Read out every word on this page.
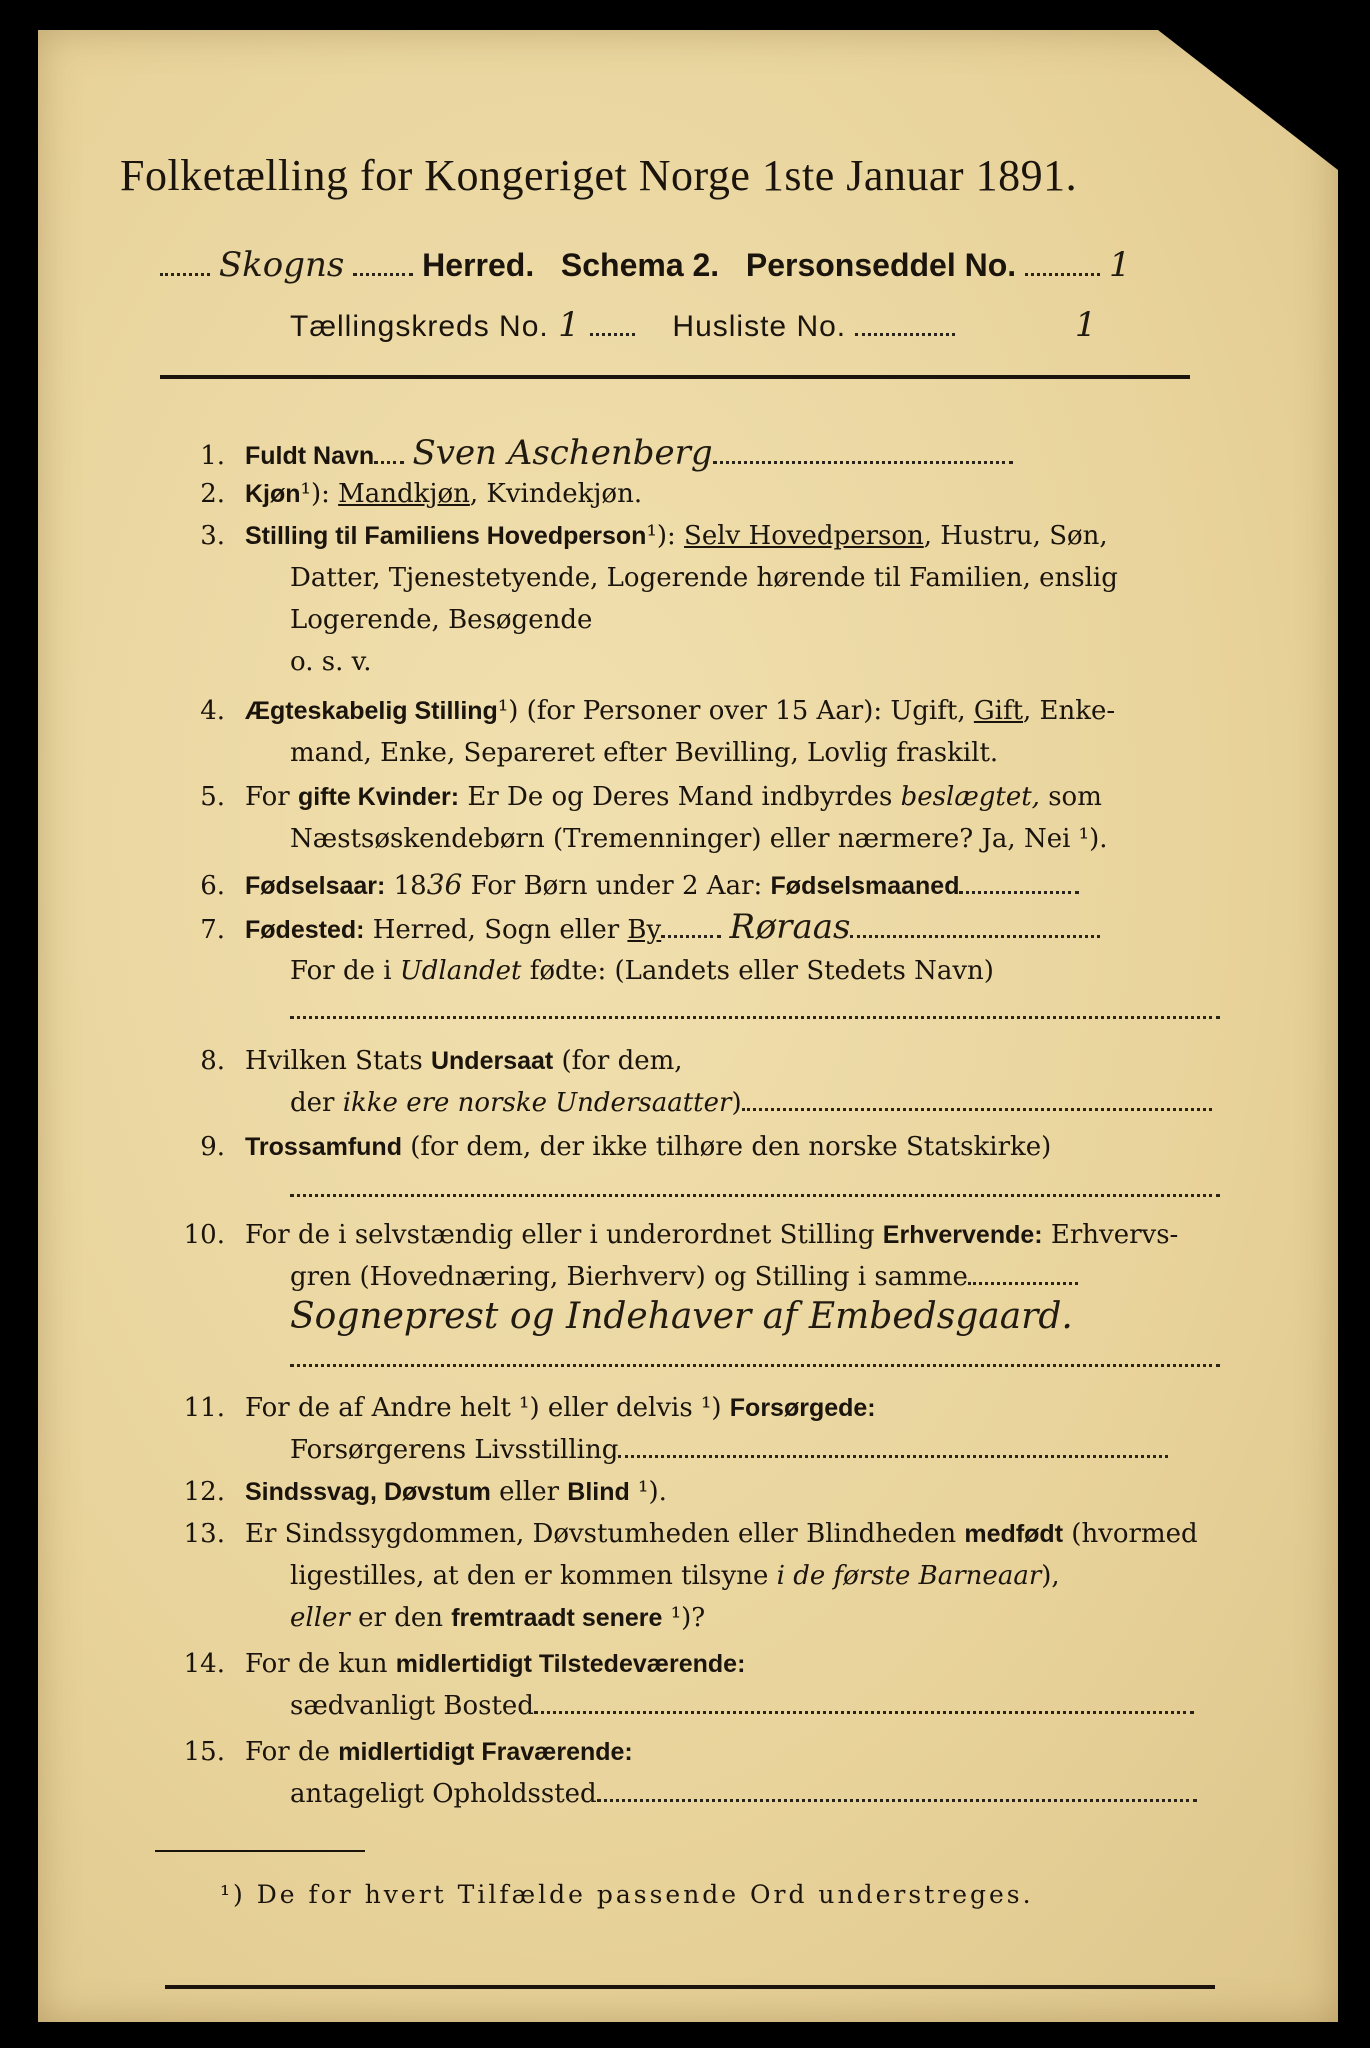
Folketælling for Kongeriget Norge 1ste Januar 1891.
Skogns Herred. Schema 2. Personseddel No.	1
Tællingskreds No. 1	Husliste No.	1
1. Fuldt Navn Sven Aschenberg
2. Kjøn¹): Mandkjøn, Kvindekjøn.
3. Stilling til Familiens Hovedperson¹): Selv Hovedperson, Hustru, Søn,
Datter, Tjenestetyende, Logerende hørende til Familien, enslig
Logerende, Besøgende
o. s. v.
4. Ægteskabelig Stilling¹) (for Personer over 15 Aar): Ugift, Gift, Enke-
mand, Enke, Separeret efter Bevilling, Lovlig fraskilt.
5. For gifte Kvinder: Er De og Deres Mand indbyrdes beslægtet, som
Næstsøskendebørn (Tremenninger) eller nærmere? Ja, Nei ¹).
6. Fødselsaar: 1836 For Børn under 2 Aar: Fødselsmaaned
7. Fødested: Herred, Sogn eller By Røraas
For de i Udlandet fødte: (Landets eller Stedets Navn)
8. Hvilken Stats Undersaat (for dem,
der ikke ere norske Undersaatter)
9. Trossamfund (for dem, der ikke tilhøre den norske Statskirke)
10. For de i selvstændig eller i underordnet Stilling Erhvervende: Erhvervs-
gren (Hovednæring, Bierhverv) og Stilling i samme
Sogneprest og Indehaver af Embedsgaard.
11. For de af Andre helt ¹) eller delvis ¹) Forsørgede:
Forsørgerens Livsstilling
12. Sindssvag, Døvstum eller Blind ¹).
13. Er Sindssygdommen, Døvstumheden eller Blindheden medfødt (hvormed
ligestilles, at den er kommen tilsyne i de første Barneaar),
eller er den fremtraadt senere ¹)?
14. For de kun midlertidigt Tilstedeværende:
sædvanligt Bosted
15. For de midlertidigt Fraværende:
antageligt Opholdssted
¹) De for hvert Tilfælde passende Ord understreges.
